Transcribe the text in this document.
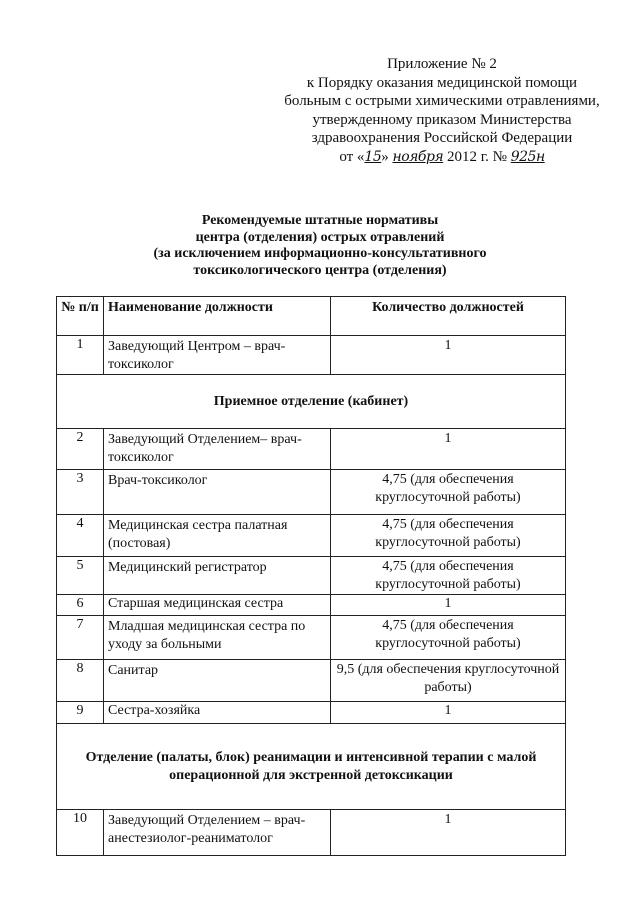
Приложение № 2
к Порядку оказания медицинской помощи
больным с острыми химическими отравлениями,
утвержденному приказом Министерства
здравоохранения Российской Федерации
от «15» ноября 2012 г. № 925н
Рекомендуемые штатные нормативы
центра (отделения) острых отравлений
(за исключением информационно-консультативного
токсикологического центра (отделения)
№ п/п	Наименование должности	Количество должностей
1	Заведующий Центром – врач-токсиколог	1
Приемное отделение (кабинет)		
2	Заведующий Отделением– врач-токсиколог	1
3	Врач-токсиколог	4,75 (для обеспечения круглосуточной работы)
4	Медицинская сестра палатная (постовая)	4,75 (для обеспечения круглосуточной работы)
5	Медицинский регистратор	4,75 (для обеспечения круглосуточной работы)
6	Старшая медицинская сестра	1
7	Младшая медицинская сестра по уходу за больными	4,75 (для обеспечения круглосуточной работы)
8	Санитар	9,5 (для обеспечения круглосуточной работы)
9	Сестра-хозяйка	1
Отделение (палаты, блок) реанимации и интенсивной терапии с малой операционной для экстренной детоксикации		
10	Заведующий Отделением – врач-анестезиолог-реаниматолог	1
